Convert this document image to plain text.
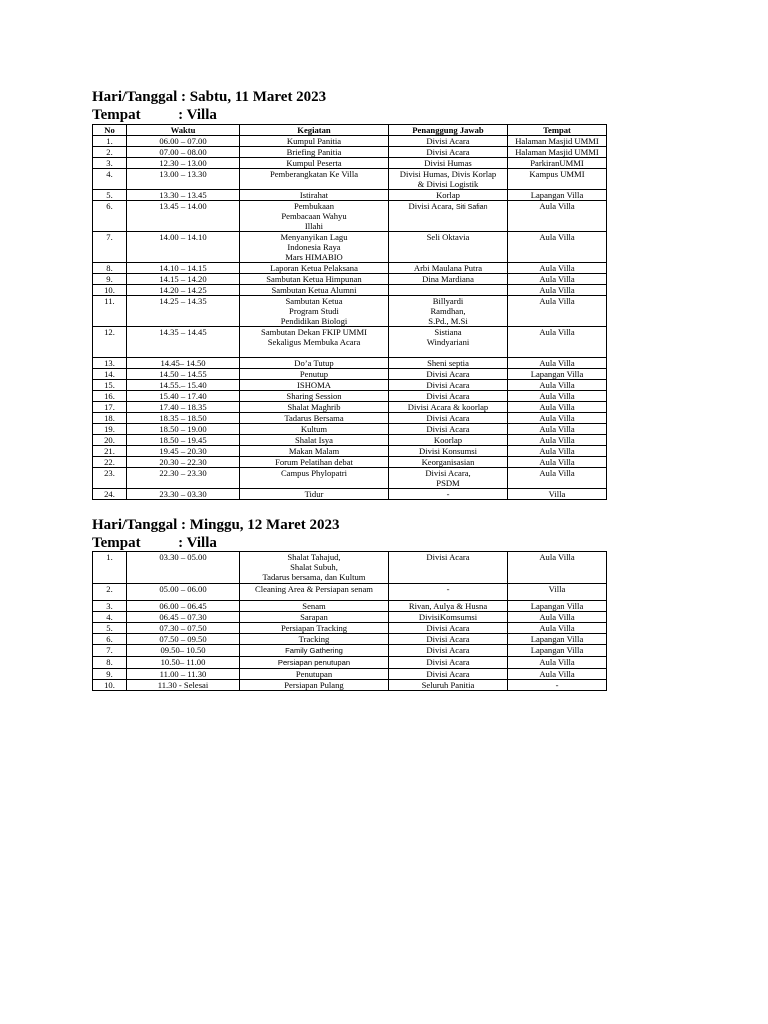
Hari/Tanggal : Sabtu, 11 Maret 2023
Tempat          : Villa
No	Waktu	Kegiatan	Penanggung Jawab	Tempat
1.	06.00 – 07.00	Kumpul Panitia	Divisi Acara	Halaman Masjid UMMI
2.	07.00 – 08.00	Briefing Panitia	Divisi Acara	Halaman Masjid UMMI
3.	12.30 – 13.00	Kumpul Peserta	Divisi Humas	ParkiranUMMI
4.	13.00 – 13.30	Pemberangkatan Ke Villa	Divisi Humas, Divis Korlap
& Divisi Logistik	Kampus UMMI
5.	13.30 – 13.45	Istirahat	Korlap	Lapangan Villa
6.	13.45 – 14.00	Pembukaan
Pembacaan Wahyu
Illahi	Divisi Acara, Siti Safian	Aula Villa
7.	14.00 – 14.10	Menyanyikan Lagu
Indonesia Raya
Mars HIMABIO	Seli Oktavia	Aula Villa
8.	14.10 – 14.15	Laporan Ketua Pelaksana	Arbi Maulana Putra	Aula Villa
9.	14.15 – 14.20	Sambutan Ketua Himpunan	Dina Mardiana	Aula Villa
10.	14.20 – 14.25	Sambutan Ketua Alumni		Aula Villa
11.	14.25 – 14.35	Sambutan Ketua
Program Studi
Pendidikan Biologi	Billyardi
Ramdhan,
S.Pd., M.Si	Aula Villa
12.	14.35 – 14.45	Sambutan Dekan FKIP UMMI
Sekaligus Membuka Acara	Sistiana
Windyariani	Aula Villa
13.	14.45– 14.50	Do’a Tutup	Sheni septia	Aula Villa
14.	14.50 – 14.55	Penutup	Divisi Acara	Lapangan Villa
15.	14.55.– 15.40	ISHOMA	Divisi Acara	Aula Villa
16.	15.40 – 17.40	Sharing Session	Divisi Acara	Aula Villa
17.	17.40 – 18.35	Shalat Maghrib	Divisi Acara & koorlap	Aula Villa
18.	18.35 – 18.50	Tadarus Bersama	Divisi Acara	Aula Villa
19.	18.50 – 19.00	Kultum	Divisi Acara	Aula Villa
20.	18.50 – 19.45	Shalat Isya	Koorlap	Aula Villa
21.	19.45 – 20.30	Makan Malam	Divisi Konsumsi	Aula Villa
22.	20.30 – 22.30	Forum Pelatihan debat	Keorganisasian	Aula Villa
23.	22.30 – 23.30	Campus Phylopatri	Divisi Acara,
PSDM	Aula Villa
24.	23.30 – 03.30	Tidur	-	Villa
Hari/Tanggal : Minggu, 12 Maret 2023
Tempat          : Villa
1.	03.30 – 05.00	Shalat Tahajud,
Shalat Subuh,
Tadarus bersama, dan Kultum	Divisi Acara	Aula Villa
2.	05.00 – 06.00	Cleaning Area & Persiapan senam	-	Villa
3.	06.00 – 06.45	Senam	Rivan, Aulya & Husna	Lapangan Villa
4.	06.45 – 07.30	Sarapan	DivisiKomsumsi	Aula Villa
5.	07.30 – 07.50	Persiapan Tracking	Divisi Acara	Aula Villa
6.	07.50 – 09.50	Tracking	Divisi Acara	Lapangan Villa
7.	09.50– 10.50	Family Gathering	Divisi Acara	Lapangan Villa
8.	10.50– 11.00	Persiapan penutupan	Divisi Acara	Aula Villa
9.	11.00 – 11.30	Penutupan	Divisi Acara	Aula Villa
10.	11.30 - Selesai	Persiapan Pulang	Seluruh Panitia	-
